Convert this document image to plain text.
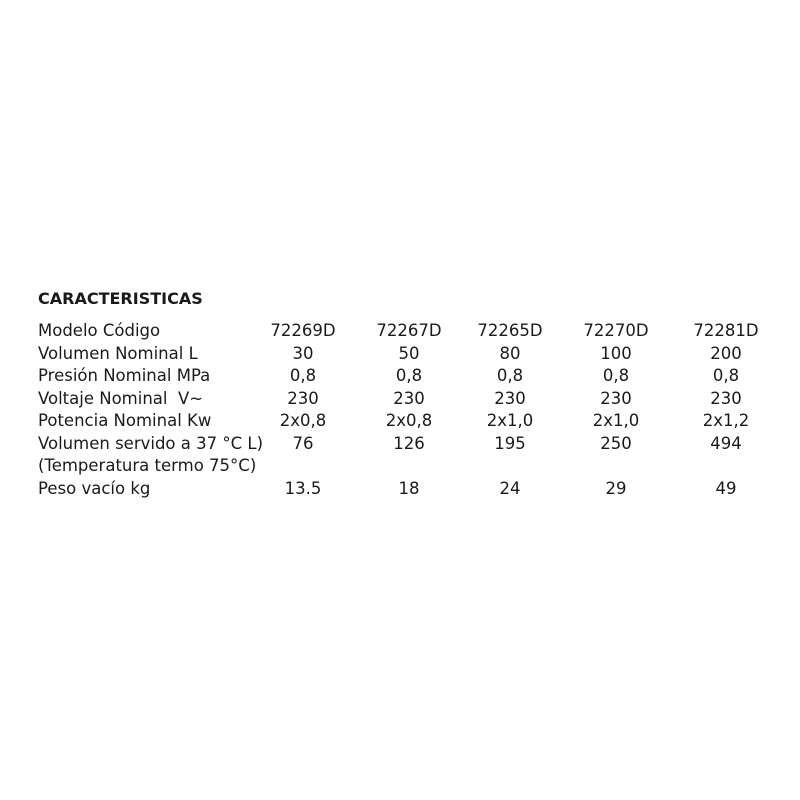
CARACTERISTICAS
Modelo Código	72269D	72267D	72265D	72270D	72281D
Volumen Nominal L	30	50	80	100	200
Presión Nominal MPa	0,8	0,8	0,8	0,8	0,8
Voltaje Nominal  V~	230	230	230	230	230
Potencia Nominal Kw	2x0,8	2x0,8	2x1,0	2x1,0	2x1,2
Volumen servido a 37 °C L)	76	126	195	250	494
(Temperatura termo 75°C)
Peso vacío kg	13.5	18	24	29	49
